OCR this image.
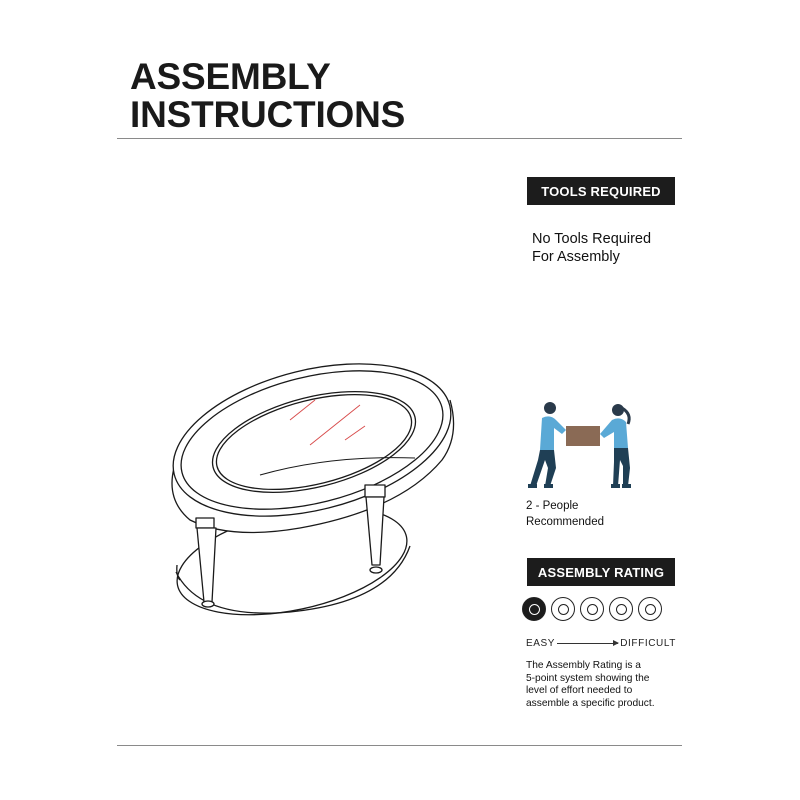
ASSEMBLY
INSTRUCTIONS
TOOLS REQUIRED
No Tools Required
For Assembly
2 - People
Recommended
ASSEMBLY RATING
EASY	DIFFICULT
The Assembly Rating is a
5-point system showing the
level of effort needed to
assemble a specific product.
